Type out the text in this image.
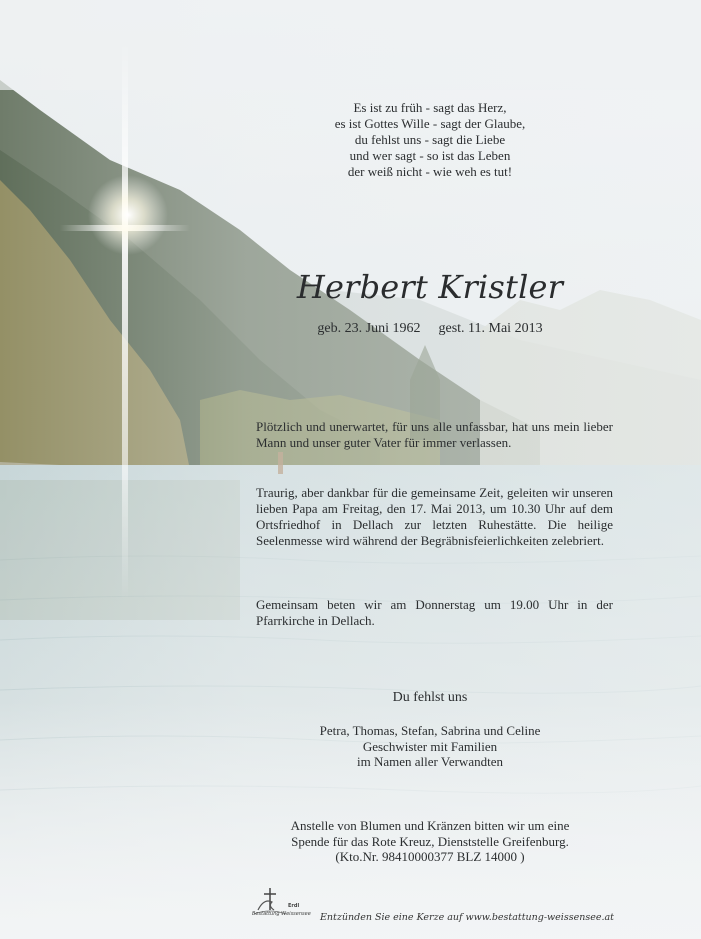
Es ist zu früh - sagt das Herz,
es ist Gottes Wille - sagt der Glaube,
du fehlst uns - sagt die Liebe
und wer sagt - so ist das Leben
der weiß nicht - wie weh es tut!
Herbert Kristler
geb. 23. Juni 1962 gest. 11. Mai 2013
Plötzlich und unerwartet, für uns alle unfassbar, hat uns mein lieber Mann und unser guter Vater für immer verlassen.
Traurig, aber dankbar für die gemeinsame Zeit, geleiten wir unseren lieben Papa am Freitag, den 17. Mai 2013, um 10.30 Uhr auf dem Ortsfriedhof in Dellach zur letzten Ruhestätte. Die heilige Seelenmesse wird während der Begräbnisfeierlichkeiten zelebriert.
Gemeinsam beten wir am Donnerstag um 19.00 Uhr in der Pfarrkirche in Dellach.
Du fehlst uns
Petra, Thomas, Stefan, Sabrina und Celine
Geschwister mit Familien
im Namen aller Verwandten
Anstelle von Blumen und Kränzen bitten wir um eine
Spende für das Rote Kreuz, Dienststelle Greifenburg.
(Kto.Nr. 98410000377 BLZ 14000 )
Erdl
Bestattung Weissensee Entzünden Sie eine Kerze auf www.bestattung-weissensee.at
